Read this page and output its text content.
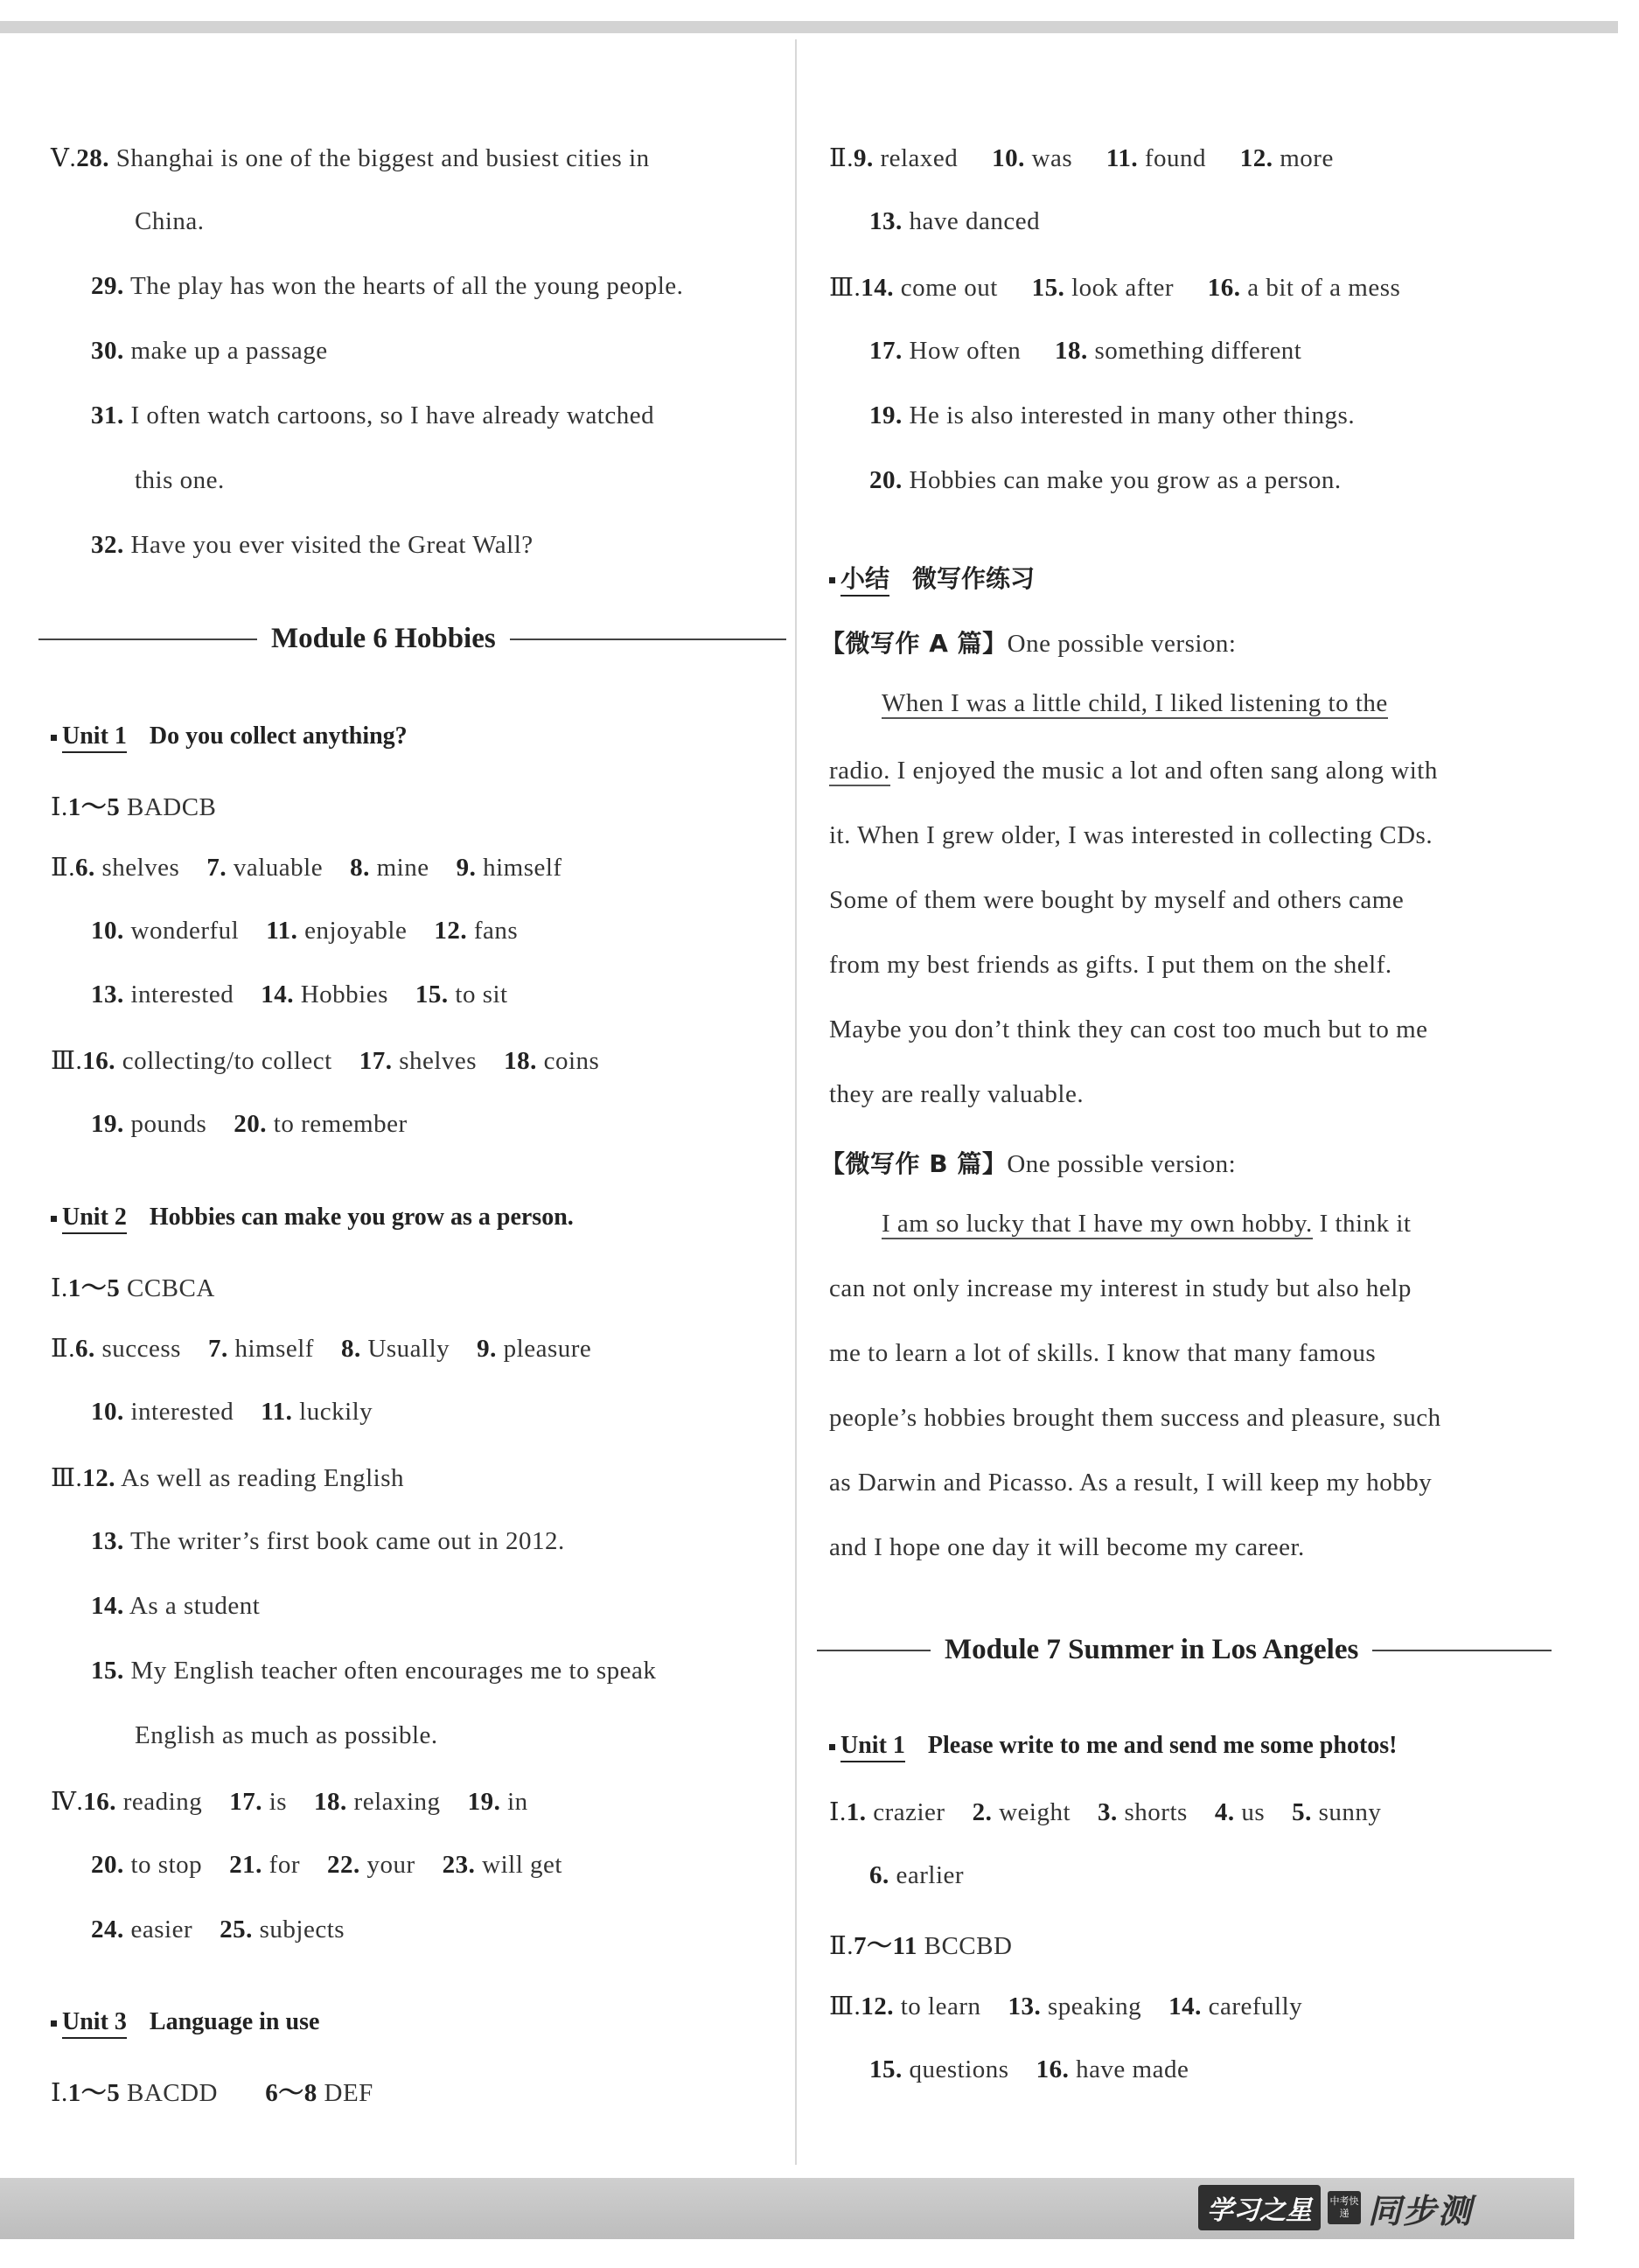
Ⅴ.28. Shanghai is one of the biggest and busiest cities in
China.
29. The play has won the hearts of all the young people.
30. make up a passage
31. I often watch cartoons, so I have already watched
this one.
32. Have you ever visited the Great Wall?
Module 6 Hobbies
Unit 1 Do you collect anything?
Ⅰ.1～5 BADCB
Ⅱ.6. shelves 7. valuable 8. mine 9. himself
10. wonderful 11. enjoyable 12. fans
13. interested 14. Hobbies 15. to sit
Ⅲ.16. collecting/to collect 17. shelves 18. coins
19. pounds 20. to remember
Unit 2 Hobbies can make you grow as a person.
Ⅰ.1～5 CCBCA
Ⅱ.6. success 7. himself 8. Usually 9. pleasure
10. interested 11. luckily
Ⅲ.12. As well as reading English
13. The writer’s first book came out in 2012.
14. As a student
15. My English teacher often encourages me to speak
English as much as possible.
Ⅳ.16. reading 17. is 18. relaxing 19. in
20. to stop 21. for 22. your 23. will get
24. easier 25. subjects
Unit 3 Language in use
Ⅰ.1～5 BACDD 6～8 DEF
Ⅱ.9. relaxed 10. was 11. found 12. more
13. have danced
Ⅲ.14. come out 15. look after 16. a bit of a mess
17. How often 18. something different
19. He is also interested in many other things.
20. Hobbies can make you grow as a person.
小结 微写作练习
【微写作 A 篇】One possible version:
When I was a little child, I liked listening to the
radio. I enjoyed the music a lot and often sang along with
it. When I grew older, I was interested in collecting CDs.
Some of them were bought by myself and others came
from my best friends as gifts. I put them on the shelf.
Maybe you don’t think they can cost too much but to me
they are really valuable.
【微写作 B 篇】One possible version:
I am so lucky that I have my own hobby. I think it
can not only increase my interest in study but also help
me to learn a lot of skills. I know that many famous
people’s hobbies brought them success and pleasure, such
as Darwin and Picasso. As a result, I will keep my hobby
and I hope one day it will become my career.
Module 7 Summer in Los Angeles
Unit 1 Please write to me and send me some photos!
Ⅰ.1. crazier 2. weight 3. shorts 4. us 5. sunny
6. earlier
Ⅱ.7～11 BCCBD
Ⅲ.12. to learn 13. speaking 14. carefully
15. questions 16. have made
学习之星	中考快递 同步测
